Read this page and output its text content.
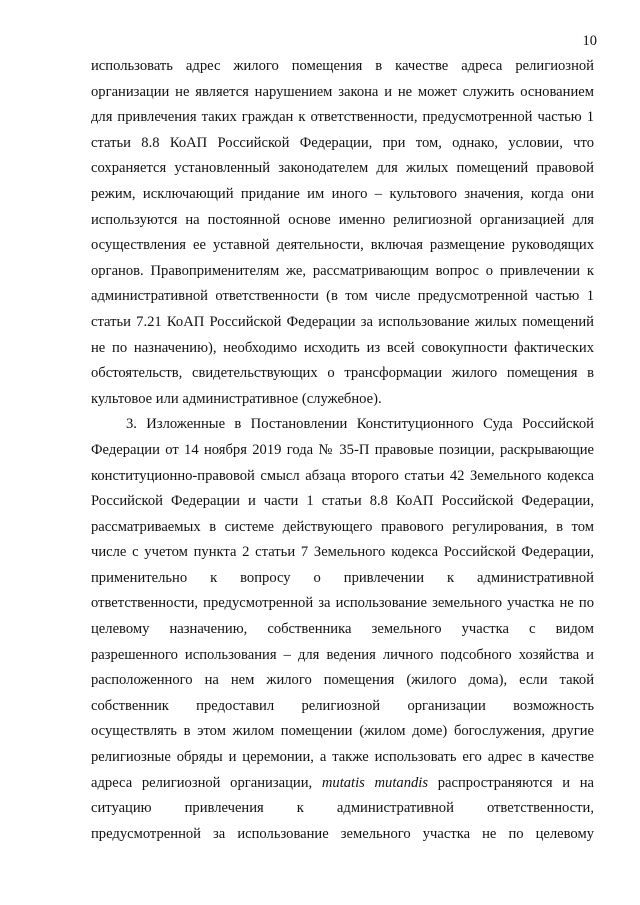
10
использовать адрес жилого помещения в качестве адреса религиозной
организации не является нарушением закона и не может служить основанием
для привлечения таких граждан к ответственности, предусмотренной частью 1
статьи 8.8 КоАП Российской Федерации, при том, однако, условии, что
сохраняется установленный законодателем для жилых помещений правовой
режим, исключающий придание им иного – культового значения, когда они
используются на постоянной основе именно религиозной организацией для
осуществления ее уставной деятельности, включая размещение руководящих
органов. Правоприменителям же, рассматривающим вопрос о привлечении к
административной ответственности (в том числе предусмотренной частью 1
статьи 7.21 КоАП Российской Федерации за использование жилых помещений
не по назначению), необходимо исходить из всей совокупности фактических
обстоятельств, свидетельствующих о трансформации жилого помещения в
культовое или административное (служебное).
3. Изложенные в Постановлении Конституционного Суда Российской
Федерации от 14 ноября 2019 года № 35-П правовые позиции, раскрывающие
конституционно-правовой смысл абзаца второго статьи 42 Земельного кодекса
Российской Федерации и части 1 статьи 8.8 КоАП Российской Федерации,
рассматриваемых в системе действующего правового регулирования, в том
числе с учетом пункта 2 статьи 7 Земельного кодекса Российской Федерации,
применительно к вопросу о привлечении к административной
ответственности, предусмотренной за использование земельного участка не по
целевому назначению, собственника земельного участка с видом
разрешенного использования – для ведения личного подсобного хозяйства и
расположенного на нем жилого помещения (жилого дома), если такой
собственник предоставил религиозной организации возможность
осуществлять в этом жилом помещении (жилом доме) богослужения, другие
религиозные обряды и церемонии, а также использовать его адрес в качестве
адреса религиозной организации, mutatis mutandis распространяются и на
ситуацию привлечения к административной ответственности,
предусмотренной за использование земельного участка не по целевому
